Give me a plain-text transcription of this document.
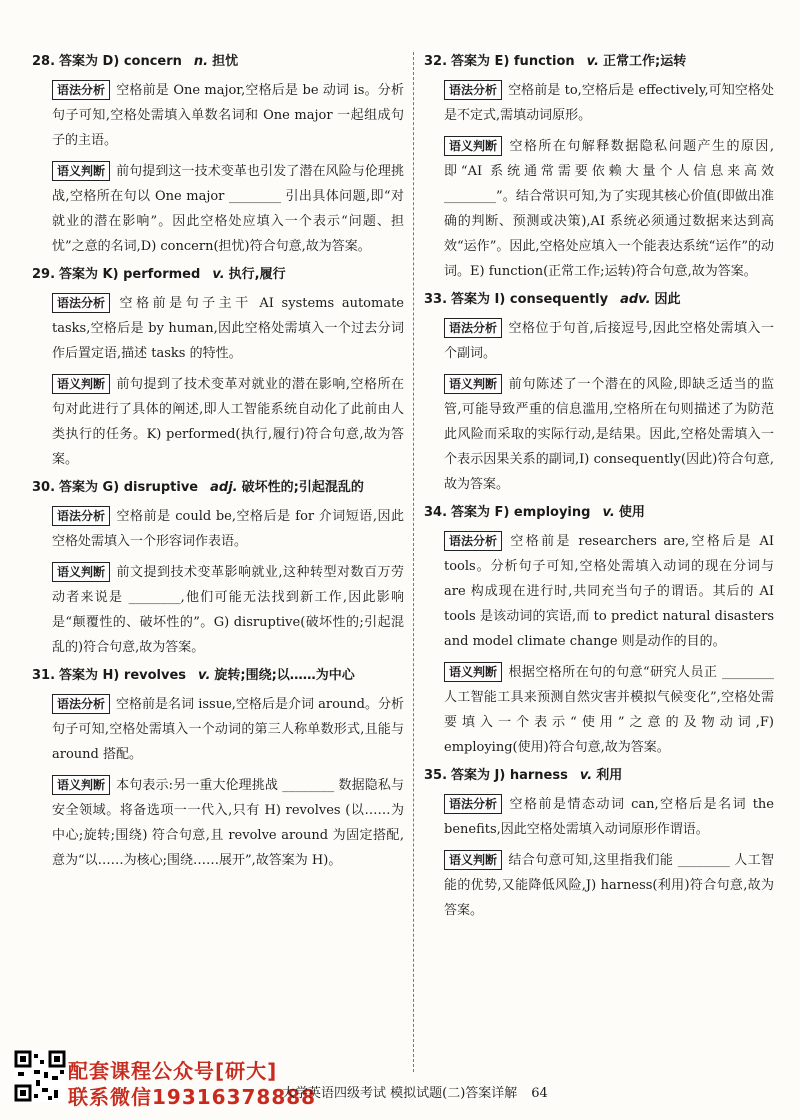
28. 答案为 D) concern n. 担忧
语法分析 空格前是 One major,空格后是 be 动词 is。分析句子可知,空格处需填入单数名词和 One major 一起组成句子的主语。
语义判断 前句提到这一技术变革也引发了潜在风险与伦理挑战,空格所在句以 One major ________ 引出具体问题,即“对就业的潜在影响”。因此空格处应填入一个表示“问题、担忧”之意的名词,D) concern(担忧)符合句意,故为答案。
29. 答案为 K) performed v. 执行,履行
语法分析 空格前是句子主干 AI systems automate tasks,空格后是 by human,因此空格处需填入一个过去分词作后置定语,描述 tasks 的特性。
语义判断 前句提到了技术变革对就业的潜在影响,空格所在句对此进行了具体的阐述,即人工智能系统自动化了此前由人类执行的任务。K) performed(执行,履行)符合句意,故为答案。
30. 答案为 G) disruptive adj. 破坏性的;引起混乱的
语法分析 空格前是 could be,空格后是 for 介词短语,因此空格处需填入一个形容词作表语。
语义判断 前文提到技术变革影响就业,这种转型对数百万劳动者来说是 ________,他们可能无法找到新工作,因此影响是“颠覆性的、破坏性的”。G) disruptive(破坏性的;引起混乱的)符合句意,故为答案。
31. 答案为 H) revolves v. 旋转;围绕;以……为中心
语法分析 空格前是名词 issue,空格后是介词 around。分析句子可知,空格处需填入一个动词的第三人称单数形式,且能与 around 搭配。
语义判断 本句表示:另一重大伦理挑战 ________ 数据隐私与安全领域。将备选项一一代入,只有 H) revolves (以……为中心;旋转;围绕) 符合句意,且 revolve around 为固定搭配,意为“以……为核心;围绕……展开”,故答案为 H)。
32. 答案为 E) function v. 正常工作;运转
语法分析 空格前是 to,空格后是 effectively,可知空格处是不定式,需填动词原形。
语义判断 空格所在句解释数据隐私问题产生的原因,即“AI 系统通常需要依赖大量个人信息来高效 ________”。结合常识可知,为了实现其核心价值(即做出准确的判断、预测或决策),AI 系统必须通过数据来达到高效“运作”。因此,空格处应填入一个能表达系统“运作”的动词。E) function(正常工作;运转)符合句意,故为答案。
33. 答案为 I) consequently adv. 因此
语法分析 空格位于句首,后接逗号,因此空格处需填入一个副词。
语义判断 前句陈述了一个潜在的风险,即缺乏适当的监管,可能导致严重的信息滥用,空格所在句则描述了为防范此风险而采取的实际行动,是结果。因此,空格处需填入一个表示因果关系的副词,I) consequently(因此)符合句意,故为答案。
34. 答案为 F) employing v. 使用
语法分析 空格前是 researchers are,空格后是 AI tools。分析句子可知,空格处需填入动词的现在分词与 are 构成现在进行时,共同充当句子的谓语。其后的 AI tools 是该动词的宾语,而 to predict natural disasters and model climate change 则是动作的目的。
语义判断 根据空格所在句的句意“研究人员正 ________ 人工智能工具来预测自然灾害并模拟气候变化”,空格处需要填入一个表示“使用”之意的及物动词,F) employing(使用)符合句意,故为答案。
35. 答案为 J) harness v. 利用
语法分析 空格前是情态动词 can,空格后是名词 the benefits,因此空格处需填入动词原形作谓语。
语义判断 结合句意可知,这里指我们能 ________ 人工智能的优势,又能降低风险,J) harness(利用)符合句意,故为答案。
配套课程公众号[研大]
联系微信19316378888
大学英语四级考试 模拟试题(二)答案详解 64
